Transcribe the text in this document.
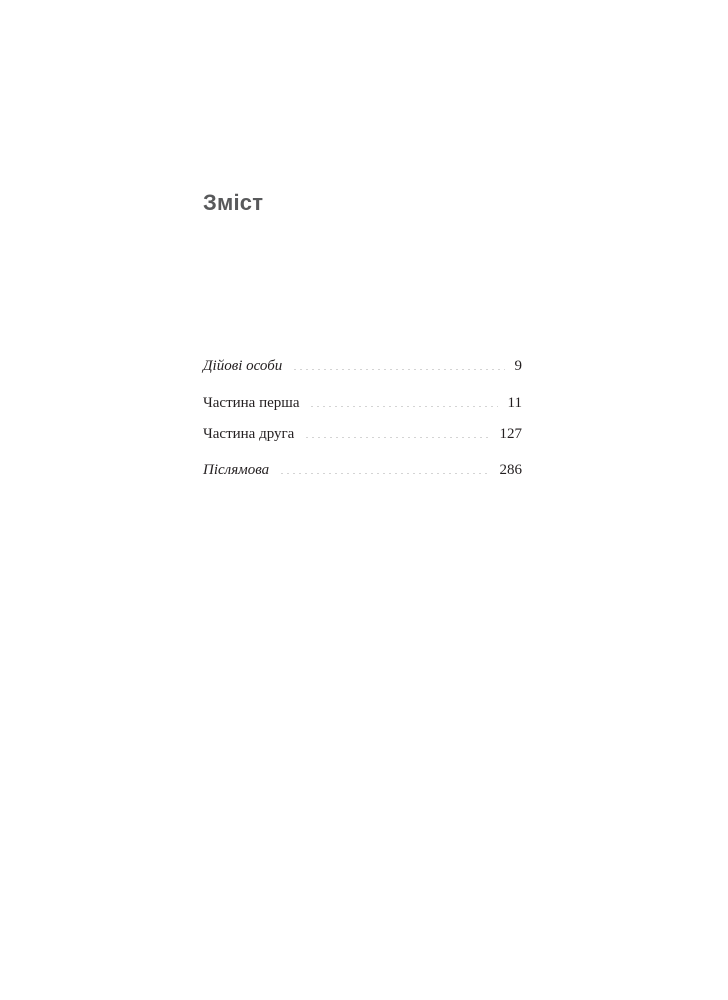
Зміст
Дійові особи	9
Частина перша	11
Частина друга	127
Післямова	286
